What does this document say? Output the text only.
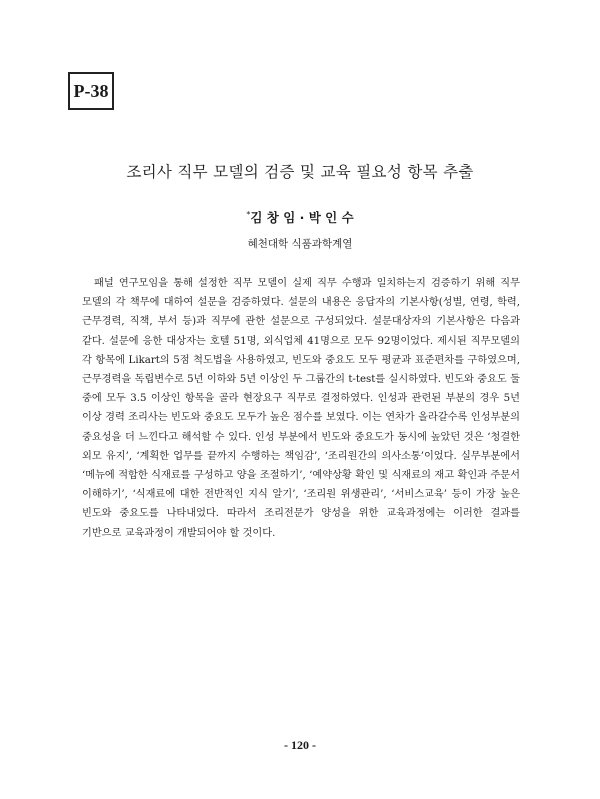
P-38
조리사 직무 모델의 검증 및 교육 필요성 항목 추출
*김 창 임 · 박 인 수
혜천대학 식품과학계열

패널 연구모임을 통해 설정한 직무 모델이 실제 직무 수행과 일치하는지 검증하기 위해 직무 모델의 각 책무에 대하여 설문을 검증하였다. 설문의 내용은 응답자의 기본사항(성별, 연령, 학력, 근무경력, 직책, 부서 등)과 직무에 관한 설문으로 구성되었다. 설문대상자의 기본사항은 다음과 같다. 설문에 응한 대상자는 호텔 51명, 외식업체 41명으로 모두 92명이었다. 제시된 직무모델의 각 항목에 Likart의 5점 척도법을 사용하였고, 빈도와 중요도 모두 평균과 표준편차를 구하였으며, 근무경력을 독립변수로 5년 이하와 5년 이상인 두 그룹간의 t-test를 실시하였다. 빈도와 중요도 둘 중에 모두 3.5 이상인 항목을 골라 현장요구 직무로 결정하였다. 인성과 관련된 부분의 경우 5년 이상 경력 조리사는 빈도와 중요도 모두가 높은 점수를 보였다. 이는 연차가 올라갈수록 인성부분의 중요성을 더 느낀다고 해석할 수 있다. 인성 부분에서 빈도와 중요도가 동시에 높았던 것은 ‘청결한 외모 유지’, ‘계획한 업무를 끝까지 수행하는 책임감’, ‘조리원간의 의사소통’이었다. 실무부분에서 ‘메뉴에 적합한 식재료를 구성하고 양을 조절하기’, ‘예약상황 확인 및 식재료의 재고 확인과 주문서 이해하기’, ‘식재료에 대한 전반적인 지식 알기’, ‘조리원 위생관리’, ‘서비스교육’ 등이 가장 높은 빈도와 중요도를 나타내었다. 따라서 조리전문가 양성을 위한 교육과정에는 이러한 결과를 기반으로 교육과정이 개발되어야 할 것이다.

- 120 -
